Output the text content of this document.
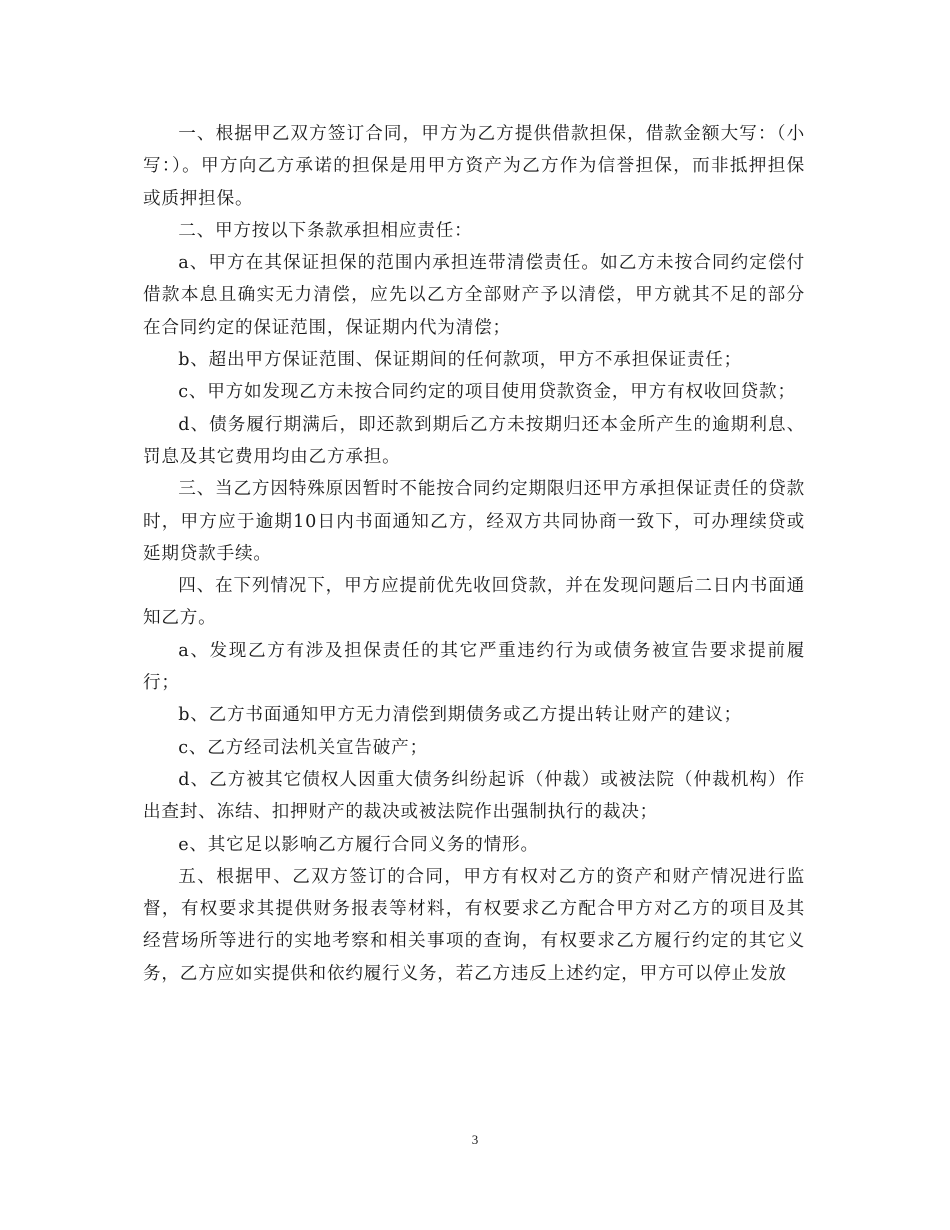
一、根据甲乙双方签订合同，甲方为乙方提供借款担保，借款金额大写：（小写：）。甲方向乙方承诺的担保是用甲方资产为乙方作为信誉担保，而非抵押担保或质押担保。

二、甲方按以下条款承担相应责任：

a、甲方在其保证担保的范围内承担连带清偿责任。如乙方未按合同约定偿付借款本息且确实无力清偿，应先以乙方全部财产予以清偿，甲方就其不足的部分在合同约定的保证范围，保证期内代为清偿；

b、超出甲方保证范围、保证期间的任何款项，甲方不承担保证责任；

c、甲方如发现乙方未按合同约定的项目使用贷款资金，甲方有权收回贷款；

d、债务履行期满后，即还款到期后乙方未按期归还本金所产生的逾期利息、罚息及其它费用均由乙方承担。

三、当乙方因特殊原因暂时不能按合同约定期限归还甲方承担保证责任的贷款时，甲方应于逾期10日内书面通知乙方，经双方共同协商一致下，可办理续贷或延期贷款手续。

四、在下列情况下，甲方应提前优先收回贷款，并在发现问题后二日内书面通知乙方。

a、发现乙方有涉及担保责任的其它严重违约行为或债务被宣告要求提前履行；

b、乙方书面通知甲方无力清偿到期债务或乙方提出转让财产的建议；

c、乙方经司法机关宣告破产；

d、乙方被其它债权人因重大债务纠纷起诉（仲裁）或被法院（仲裁机构）作出查封、冻结、扣押财产的裁决或被法院作出强制执行的裁决；

e、其它足以影响乙方履行合同义务的情形。

五、根据甲、乙双方签订的合同，甲方有权对乙方的资产和财产情况进行监督，有权要求其提供财务报表等材料，有权要求乙方配合甲方对乙方的项目及其经营场所等进行的实地考察和相关事项的查询，有权要求乙方履行约定的其它义务，乙方应如实提供和依约履行义务，若乙方违反上述约定，甲方可以停止发放

3
